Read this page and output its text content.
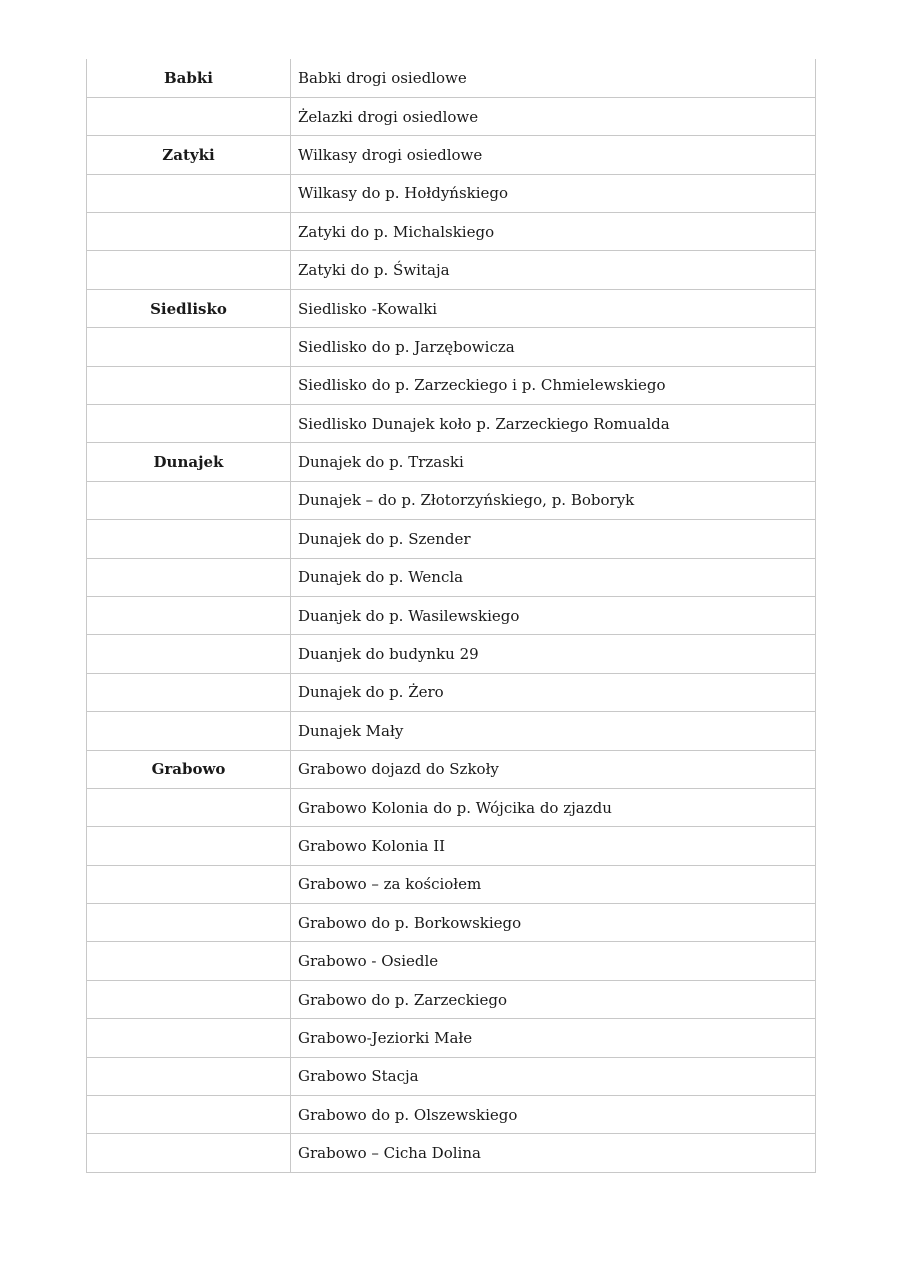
Babki	Babki drogi osiedlowe
	Żelazki drogi osiedlowe
Zatyki	Wilkasy drogi osiedlowe
	Wilkasy do p. Hołdyńskiego
	Zatyki do p. Michalskiego
	Zatyki do p. Świtaja
Siedlisko	Siedlisko -Kowalki
	Siedlisko do p. Jarzębowicza
	Siedlisko do p. Zarzeckiego i p. Chmielewskiego
	Siedlisko Dunajek koło p. Zarzeckiego Romualda
Dunajek	Dunajek do p. Trzaski
	Dunajek – do p. Złotorzyńskiego, p. Boboryk
	Dunajek do p. Szender
	Dunajek do p. Wencla
	Duanjek do p. Wasilewskiego
	Duanjek do budynku 29
	Dunajek do p. Żero
	Dunajek Mały
Grabowo	Grabowo dojazd do Szkoły
	Grabowo Kolonia do p. Wójcika do zjazdu
	Grabowo Kolonia II
	Grabowo – za kościołem
	Grabowo do p. Borkowskiego
	Grabowo - Osiedle
	Grabowo do p. Zarzeckiego
	Grabowo-Jeziorki Małe
	Grabowo Stacja
	Grabowo do p. Olszewskiego
	Grabowo – Cicha Dolina
